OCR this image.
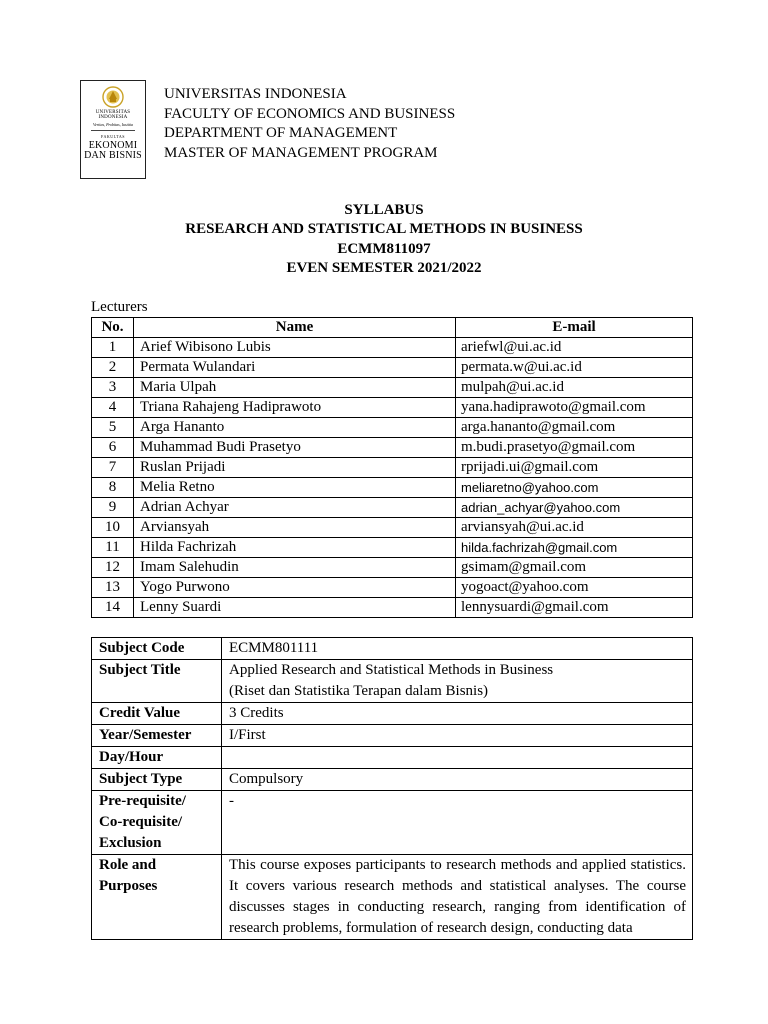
UNIVERSITAS
INDONESIA
Veritas, Probitas, Iustitia
FAKULTAS
EKONOMI
DAN BISNIS
UNIVERSITAS INDONESIA
FACULTY OF ECONOMICS AND BUSINESS
DEPARTMENT OF MANAGEMENT
MASTER OF MANAGEMENT PROGRAM
SYLLABUS
RESEARCH AND STATISTICAL METHODS IN BUSINESS
ECMM811097
EVEN SEMESTER 2021/2022
Lecturers
No.	Name	E-mail
1	Arief Wibisono Lubis	ariefwl@ui.ac.id
2	Permata Wulandari	permata.w@ui.ac.id
3	Maria Ulpah	mulpah@ui.ac.id
4	Triana Rahajeng Hadiprawoto	yana.hadiprawoto@gmail.com
5	Arga Hananto	arga.hananto@gmail.com
6	Muhammad Budi Prasetyo	m.budi.prasetyo@gmail.com
7	Ruslan Prijadi	rprijadi.ui@gmail.com
8	Melia Retno	meliaretno@yahoo.com
9	Adrian Achyar	adrian_achyar@yahoo.com
10	Arviansyah	arviansyah@ui.ac.id
11	Hilda Fachrizah	hilda.fachrizah@gmail.com
12	Imam Salehudin	gsimam@gmail.com
13	Yogo Purwono	yogoact@yahoo.com
14	Lenny Suardi	lennysuardi@gmail.com
Subject Code	ECMM801111
Subject Title	Applied Research and Statistical Methods in Business
(Riset dan Statistika Terapan dalam Bisnis)

Credit Value	3 Credits
Year/Semester	I/First
Day/Hour	
Subject Type	Compulsory

Pre-requisite/
Co-requisite/
Exclusion	-

Role and
Purposes	This course exposes participants to research methods and applied statistics. It covers various research methods and statistical analyses. The course discusses stages in conducting research, ranging from identification of research problems, formulation of research design, conducting data
